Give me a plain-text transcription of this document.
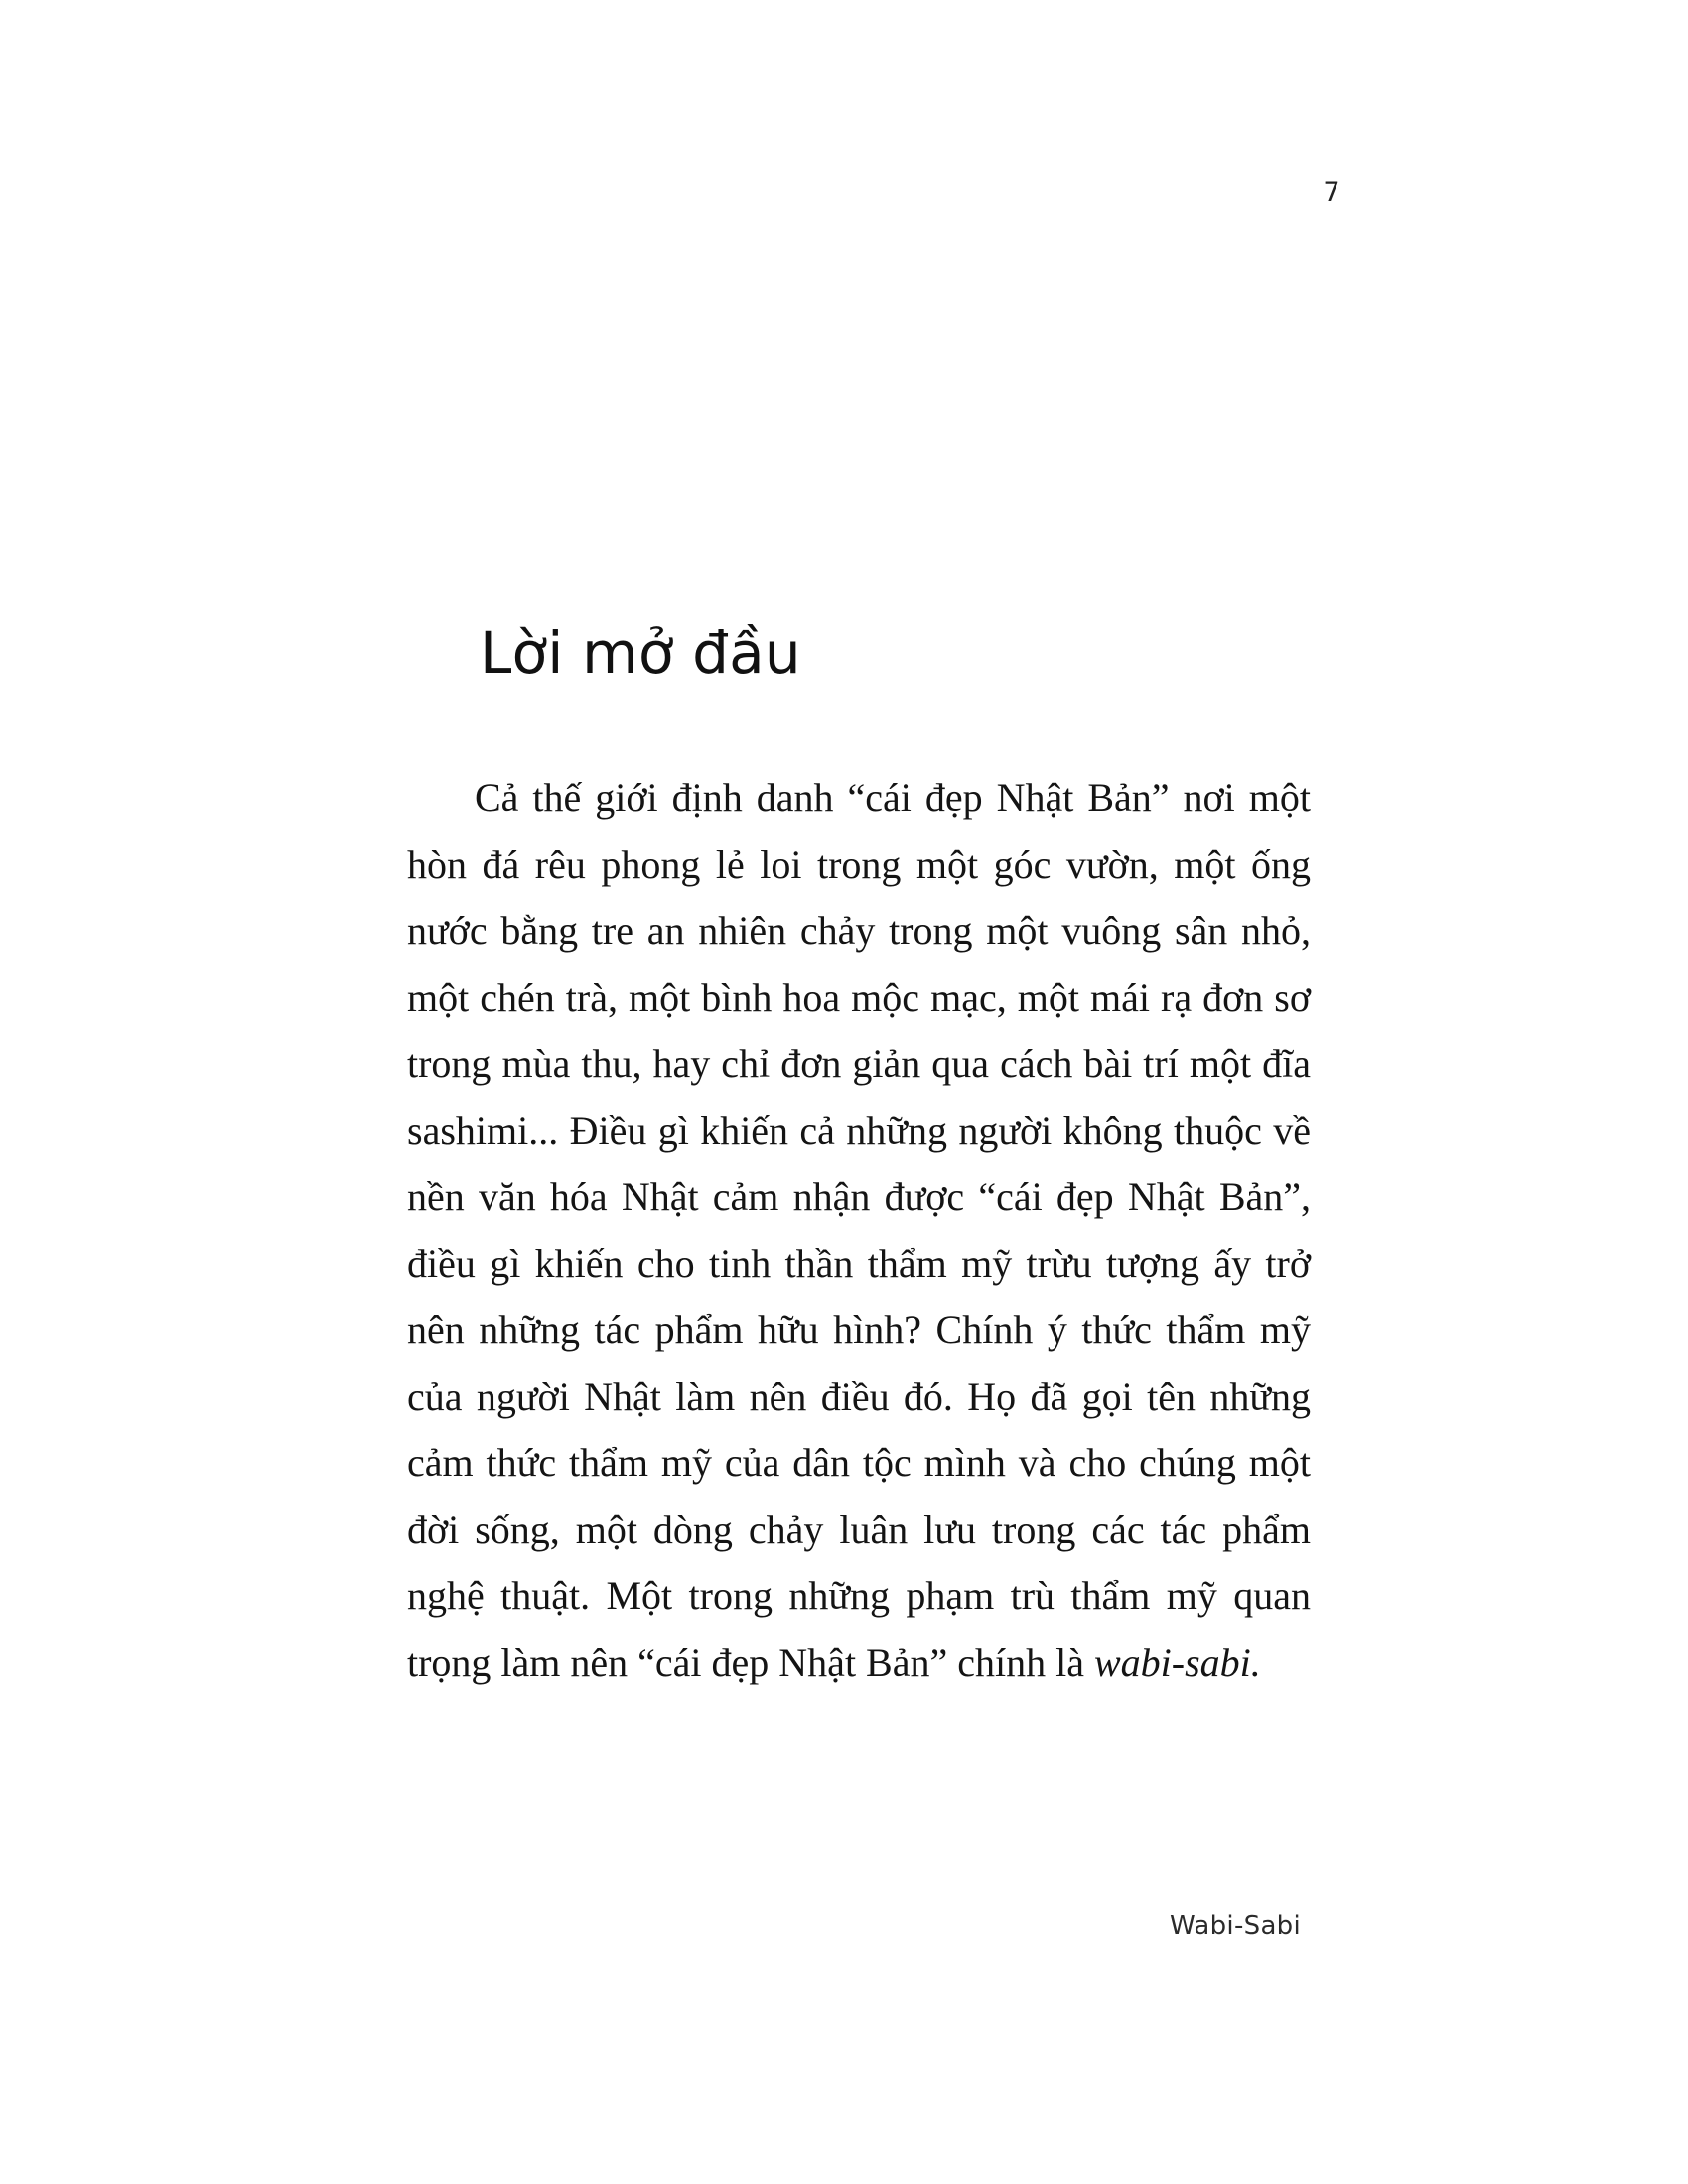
7
Lời mở đầu

Cả thế giới định danh “cái đẹp Nhật Bản” nơi một hòn đá rêu phong lẻ loi trong một góc vườn, một ống nước bằng tre an nhiên chảy trong một vuông sân nhỏ, một chén trà, một bình hoa mộc mạc, một mái rạ đơn sơ trong mùa thu, hay chỉ đơn giản qua cách bài trí một đĩa sashimi... Điều gì khiến cả những người không thuộc về nền văn hóa Nhật cảm nhận được “cái đẹp Nhật Bản”, điều gì khiến cho tinh thần thẩm mỹ trừu tượng ấy trở nên những tác phẩm hữu hình? Chính ý thức thẩm mỹ của người Nhật làm nên điều đó. Họ đã gọi tên những cảm thức thẩm mỹ của dân tộc mình và cho chúng một đời sống, một dòng chảy luân lưu trong các tác phẩm nghệ thuật. Một trong những phạm trù thẩm mỹ quan trọng làm nên “cái đẹp Nhật Bản” chính là wabi-sabi.

Wabi-Sabi
